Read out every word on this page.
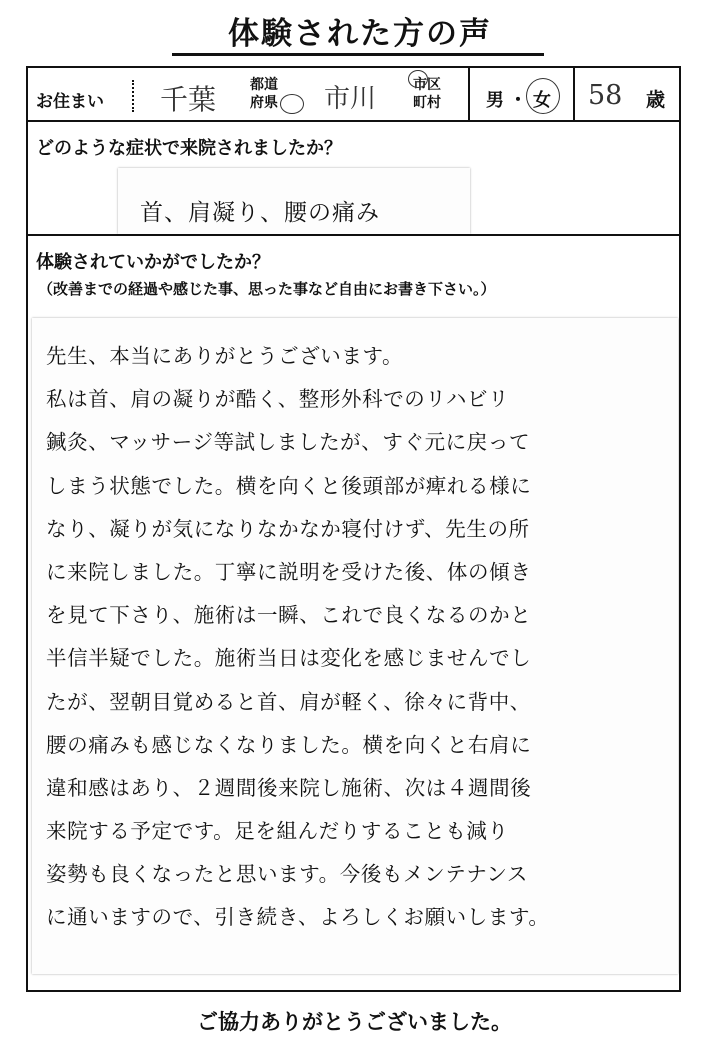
体験された方の声
お住まい 千葉 都道
府県 市川	市区
町村	男 ・ 女 58 歳
どのような症状で来院されましたか？
体験されていかがでしたか？
（改善までの経過や感じた事、思った事など自由にお書き下さい。）
首、肩凝り、腰の痛み
先生、本当にありがとうございます。
私は首、肩の凝りが酷く、整形外科でのリハビリ
鍼灸、マッサージ等試しましたが、すぐ元に戻って
しまう状態でした。横を向くと後頭部が痺れる様に
なり、凝りが気になりなかなか寝付けず、先生の所
に来院しました。丁寧に説明を受けた後、体の傾き
を見て下さり、施術は一瞬、これで良くなるのかと
半信半疑でした。施術当日は変化を感じませんでし
たが、翌朝目覚めると首、肩が軽く、徐々に背中、
腰の痛みも感じなくなりました。横を向くと右肩に
違和感はあり、２週間後来院し施術、次は４週間後
来院する予定です。足を組んだりすることも減り
姿勢も良くなったと思います。今後もメンテナンス
に通いますので、引き続き、よろしくお願いします。
ご協力ありがとうございました。
